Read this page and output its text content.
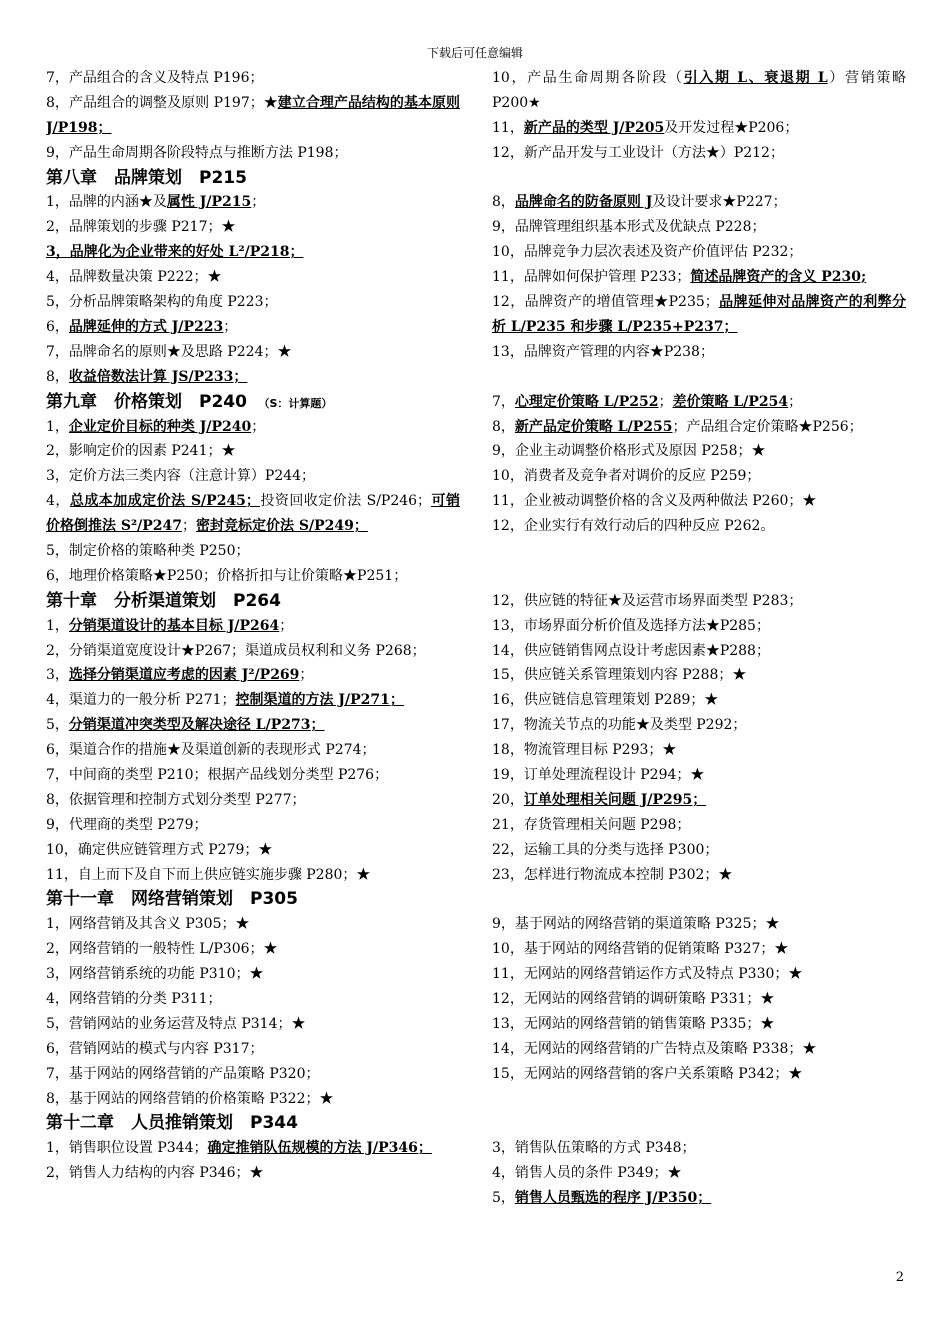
下载后可任意编辑
7，产品组合的含义及特点 P196；
8，产品组合的调整及原则 P197；★建立合理产品结构的基本原则 J/P198；
9，产品生命周期各阶段特点与推断方法 P198；
第八章　品牌策划　P215
1，品牌的内涵★及属性 J/P215；
2，品牌策划的步骤 P217；★
3，品牌化为企业带来的好处 L²/P218；
4，品牌数量决策 P222；★
5，分析品牌策略架构的角度 P223；
6，品牌延伸的方式 J/P223；
7，品牌命名的原则★及思路 P224；★
8，收益倍数法计算 JS/P233；
第九章　价格策划　P240　（S：计算题）
1，企业定价目标的种类 J/P240；
2，影响定价的因素 P241；★
3，定价方法三类内容（注意计算）P244；
4，总成本加成定价法 S/P245；投资回收定价法 S/P246；可销价格倒推法 S²/P247；密封竞标定价法 S/P249；
5，制定价格的策略种类 P250；
6，地理价格策略★P250；价格折扣与让价策略★P251；
第十章　分析渠道策划　P264
1，分销渠道设计的基本目标 J/P264；
2，分销渠道宽度设计★P267；渠道成员权利和义务 P268；
3，选择分销渠道应考虑的因素 J²/P269；
4，渠道力的一般分析 P271；控制渠道的方法 J/P271；
5，分销渠道冲突类型及解决途径 L/P273；
6，渠道合作的措施★及渠道创新的表现形式 P274；
7，中间商的类型 P210；根据产品线划分类型 P276；
8，依据管理和控制方式划分类型 P277；
9，代理商的类型 P279；
10，确定供应链管理方式 P279；★
11，自上而下及自下而上供应链实施步骤 P280；★
第十一章　网络营销策划　P305
1，网络营销及其含义 P305；★
2，网络营销的一般特性 L/P306；★
3，网络营销系统的功能 P310；★
4，网络营销的分类 P311；
5，营销网站的业务运营及特点 P314；★
6，营销网站的模式与内容 P317；
7，基于网站的网络营销的产品策略 P320；
8，基于网站的网络营销的价格策略 P322；★
第十二章　人员推销策划　P344
1，销售职位设置 P344；确定推销队伍规模的方法 J/P346；
2，销售人力结构的内容 P346；★
10，产品生命周期各阶段（引入期 L、衰退期 L）营销策略 P200★
11，新产品的类型 J/P205及开发过程★P206；
12，新产品开发与工业设计（方法★）P212；
8，品牌命名的防备原则 J及设计要求★P227；
9，品牌管理组织基本形式及优缺点 P228；
10，品牌竞争力层次表述及资产价值评估 P232；
11，品牌如何保护管理 P233；简述品牌资产的含义 P230;
12，品牌资产的增值管理★P235；品牌延伸对品牌资产的利弊分析 L/P235 和步骤 L/P235+P237；
13，品牌资产管理的内容★P238；
7，心理定价策略 L/P252；差价策略 L/P254；
8，新产品定价策略 L/P255；产品组合定价策略★P256；
9，企业主动调整价格形式及原因 P258；★
10，消费者及竞争者对调价的反应 P259；
11，企业被动调整价格的含义及两种做法 P260；★
12，企业实行有效行动后的四种反应 P262。
12，供应链的特征★及运营市场界面类型 P283；
13，市场界面分析价值及选择方法★P285；
14，供应链销售网点设计考虑因素★P288；
15，供应链关系管理策划内容 P288；★
16，供应链信息管理策划 P289；★
17，物流关节点的功能★及类型 P292；
18，物流管理目标 P293；★
19，订单处理流程设计 P294；★
20，订单处理相关问题 J/P295；
21，存货管理相关问题 P298；
22，运输工具的分类与选择 P300；
23，怎样进行物流成本控制 P302；★
9，基于网站的网络营销的渠道策略 P325；★
10，基于网站的网络营销的促销策略 P327；★
11，无网站的网络营销运作方式及特点 P330；★
12，无网站的网络营销的调研策略 P331；★
13，无网站的网络营销的销售策略 P335；★
14，无网站的网络营销的广告特点及策略 P338；★
15，无网站的网络营销的客户关系策略 P342；★
3，销售队伍策略的方式 P348；
4，销售人员的条件 P349；★
5，销售人员甄选的程序 J/P350；
2
